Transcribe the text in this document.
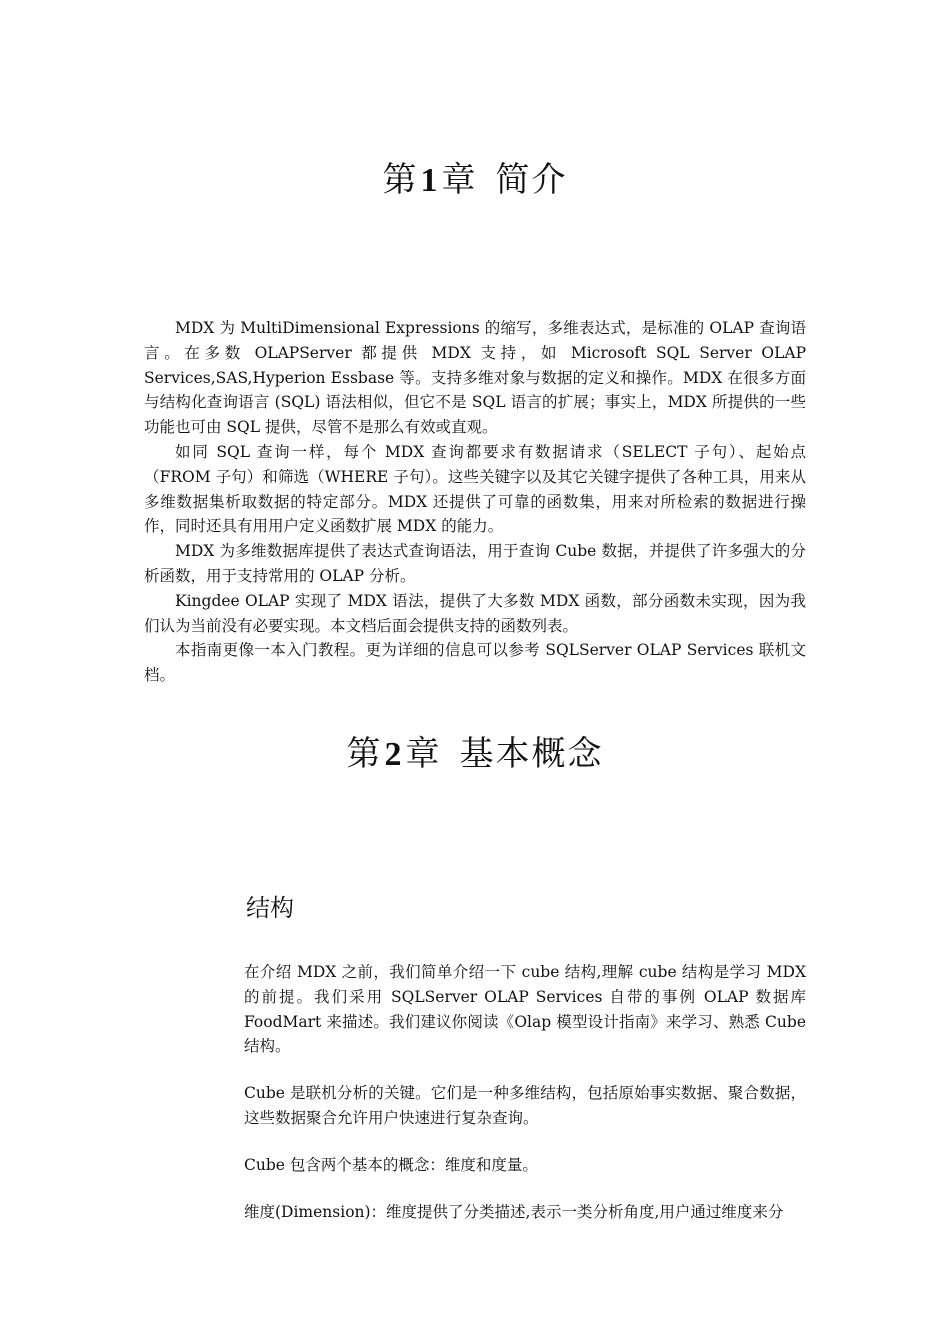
第1章 简介

MDX 为 MultiDimensional Expressions 的缩写，多维表达式，是标准的 OLAP 查询语言。在多数 OLAPServer 都提供 MDX 支持，如 Microsoft SQL Server OLAP Services,SAS,Hyperion Essbase 等。支持多维对象与数据的定义和操作。MDX 在很多方面与结构化查询语言 (SQL) 语法相似，但它不是 SQL 语言的扩展；事实上，MDX 所提供的一些功能也可由 SQL 提供，尽管不是那么有效或直观。

如同 SQL 查询一样，每个 MDX 查询都要求有数据请求（SELECT 子句）、起始点（FROM 子句）和筛选（WHERE 子句）。这些关键字以及其它关键字提供了各种工具，用来从多维数据集析取数据的特定部分。MDX 还提供了可靠的函数集，用来对所检索的数据进行操作，同时还具有用用户定义函数扩展 MDX 的能力。

MDX 为多维数据库提供了表达式查询语法，用于查询 Cube 数据，并提供了许多强大的分析函数，用于支持常用的 OLAP 分析。

Kingdee OLAP 实现了 MDX 语法，提供了大多数 MDX 函数，部分函数未实现，因为我们认为当前没有必要实现。本文档后面会提供支持的函数列表。

本指南更像一本入门教程。更为详细的信息可以参考 SQLServer OLAP Services 联机文档。

第2章 基本概念
结构

在介绍 MDX 之前，我们简单介绍一下 cube 结构,理解 cube 结构是学习 MDX 的前提。我们采用 SQLServer OLAP Services 自带的事例 OLAP 数据库 FoodMart 来描述。我们建议你阅读《Olap 模型设计指南》来学习、熟悉 Cube 结构。

Cube 是联机分析的关键。它们是一种多维结构，包括原始事实数据、聚合数据，这些数据聚合允许用户快速进行复杂查询。

Cube 包含两个基本的概念：维度和度量。

维度(Dimension)：维度提供了分类描述,表示一类分析角度,用户通过维度来分
